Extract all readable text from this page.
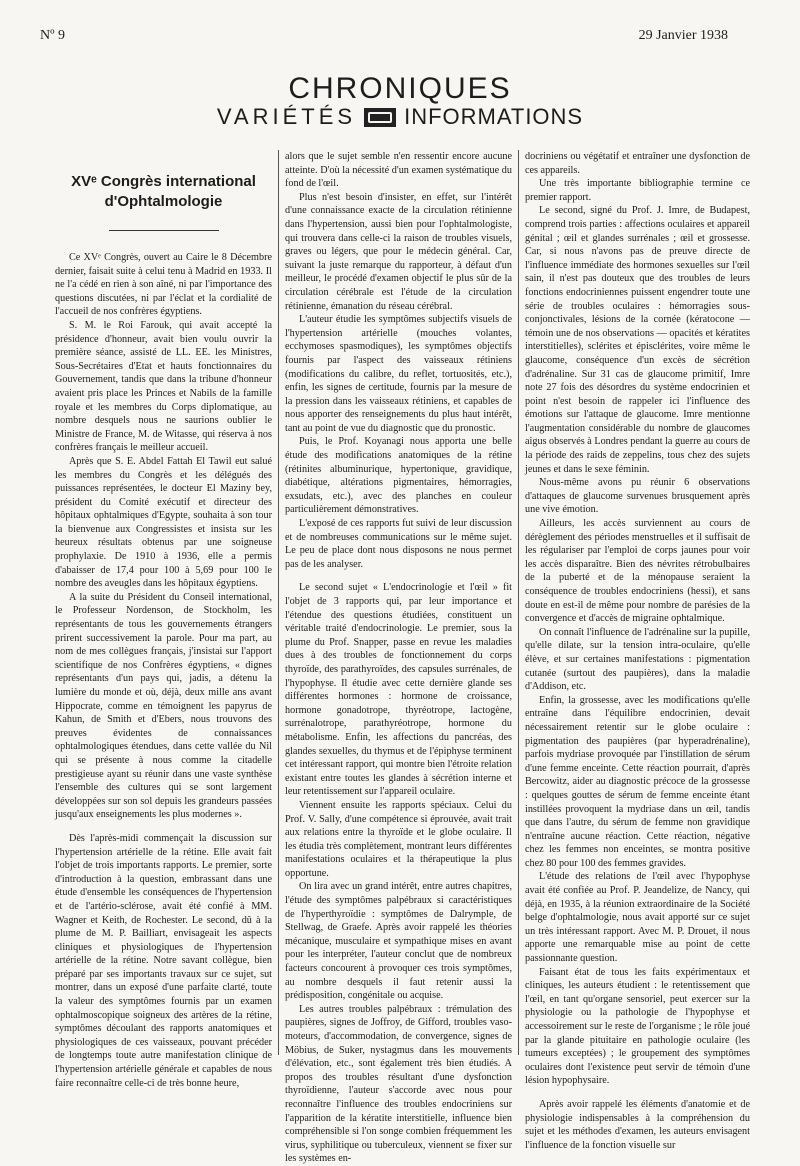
Nº 9	29 Janvier 1938
CHRONIQUES
VARIÉTÉS INFORMATIONS
XVᵉ Congrès international d'Ophtalmologie

Ce XVᵉ Congrès, ouvert au Caire le 8 Décembre dernier, faisait suite à celui tenu à Madrid en 1933. Il ne l'a cédé en rien à son aîné, ni par l'importance des questions discutées, ni par l'éclat et la cordialité de l'accueil de nos confrères égyptiens.

S. M. le Roi Farouk, qui avait accepté la présidence d'honneur, avait bien voulu ouvrir la première séance, assisté de LL. EE. les Ministres, Sous-Secrétaires d'Etat et hauts fonctionnaires du Gouvernement, tandis que dans la tribune d'honneur avaient pris place les Princes et Nabils de la famille royale et les membres du Corps diplomatique, au nombre desquels nous ne saurions oublier le Ministre de France, M. de Witasse, qui réserva à nos confrères français le meilleur accueil.

Après que S. E. Abdel Fattah El Tawil eut salué les membres du Congrès et les délégués des puissances représentées, le docteur El Maziny bey, président du Comité exécutif et directeur des hôpitaux ophtalmiques d'Egypte, souhaita à son tour la bienvenue aux Congressistes et insista sur les heureux résultats obtenus par une soigneuse prophylaxie. De 1910 à 1936, elle a permis d'abaisser de 17,4 pour 100 à 5,69 pour 100 le nombre des aveugles dans les hôpitaux égyptiens.

A la suite du Président du Conseil international, le Professeur Nordenson, de Stockholm, les représentants de tous les gouvernements étrangers prirent successivement la parole. Pour ma part, au nom de mes collègues français, j'insistai sur l'apport scientifique de nos Confrères égyptiens, « dignes représentants d'un pays qui, jadis, a détenu la lumière du monde et où, déjà, deux mille ans avant Hippocrate, comme en témoignent les papyrus de Kahun, de Smith et d'Ebers, nous trouvons des preuves évidentes de connaissances ophtalmologiques étendues, dans cette vallée du Nil qui se présente à nous comme la citadelle prestigieuse ayant su réunir dans une vaste synthèse l'ensemble des cultures qui se sont largement développées sur son sol depuis les grandeurs passées jusqu'aux enseignements les plus modernes ».

Dès l'après-midi commençait la discussion sur l'hypertension artérielle de la rétine. Elle avait fait l'objet de trois importants rapports. Le premier, sorte d'introduction à la question, embrassant dans une étude d'ensemble les conséquences de l'hypertension et de l'artério-sclérose, avait été confié à MM. Wagner et Keith, de Rochester. Le second, dû à la plume de M. P. Bailliart, envisageait les aspects cliniques et physiologiques de l'hypertension artérielle de la rétine. Notre savant collègue, bien préparé par ses importants travaux sur ce sujet, sut montrer, dans un exposé d'une parfaite clarté, toute la valeur des symptômes fournis par un examen ophtalmoscopique soigneux des artères de la rétine, symptômes découlant des rapports anatomiques et physiologiques de ces vaisseaux, pouvant précéder de longtemps toute autre manifestation clinique de l'hypertension artérielle générale et capables de nous faire reconnaître celle-ci de très bonne heure,

alors que le sujet semble n'en ressentir encore aucune atteinte. D'où la nécessité d'un examen systématique du fond de l'œil.

Plus n'est besoin d'insister, en effet, sur l'intérêt d'une connaissance exacte de la circulation rétinienne dans l'hypertension, aussi bien pour l'ophtalmologiste, qui trouvera dans celle-ci la raison de troubles visuels, graves ou légers, que pour le médecin général. Car, suivant la juste remarque du rapporteur, à défaut d'un meilleur, le procédé d'examen objectif le plus sûr de la circulation cérébrale est l'étude de la circulation rétinienne, émanation du réseau cérébral.

L'auteur étudie les symptômes subjectifs visuels de l'hypertension artérielle (mouches volantes, ecchymoses spasmodiques), les symptômes objectifs fournis par l'aspect des vaisseaux rétiniens (modifications du calibre, du reflet, tortuosités, etc.), enfin, les signes de certitude, fournis par la mesure de la pression dans les vaisseaux rétiniens, et capables de nous apporter des renseignements du plus haut intérêt, tant au point de vue du diagnostic que du pronostic.

Puis, le Prof. Koyanagi nous apporta une belle étude des modifications anatomiques de la rétine (rétinites albuminurique, hypertonique, gravidique, diabétique, altérations pigmentaires, hémorragies, exsudats, etc.), avec des planches en couleur particulièrement démonstratives.

L'exposé de ces rapports fut suivi de leur discussion et de nombreuses communications sur le même sujet. Le peu de place dont nous disposons ne nous permet pas de les analyser.

Le second sujet « L'endocrinologie et l'œil » fit l'objet de 3 rapports qui, par leur importance et l'étendue des questions étudiées, constituent un véritable traité d'endocrinologie. Le premier, sous la plume du Prof. Snapper, passe en revue les maladies dues à des troubles de fonctionnement du corps thyroïde, des parathyroïdes, des capsules surrénales, de l'hypophyse. Il étudie avec cette dernière glande ses différentes hormones : hormone de croissance, hormone gonadotrope, thyréotrope, lactogène, surrénalotrope, parathyréotrope, hormone du métabolisme. Enfin, les affections du pancréas, des glandes sexuelles, du thymus et de l'épiphyse terminent cet intéressant rapport, qui montre bien l'étroite relation existant entre toutes les glandes à sécrétion interne et leur retentissement sur l'appareil oculaire.

Viennent ensuite les rapports spéciaux. Celui du Prof. V. Sally, d'une compétence si éprouvée, avait trait aux relations entre la thyroïde et le globe oculaire. Il les étudia très complètement, montrant leurs différentes manifestations oculaires et la thérapeutique la plus opportune.

On lira avec un grand intérêt, entre autres chapitres, l'étude des symptômes palpébraux si caractéristiques de l'hyperthyroïdie : symptômes de Dalrymple, de Stellwag, de Graefe. Après avoir rappelé les théories mécanique, musculaire et sympathique mises en avant pour les interpréter, l'auteur conclut que de nombreux facteurs concourent à provoquer ces trois symptômes, au nombre desquels il faut retenir aussi la prédisposition, congénitale ou acquise.

Les autres troubles palpébraux : trémulation des paupières, signes de Joffroy, de Gifford, troubles vaso-moteurs, d'accommodation, de convergence, signes de Möbius, de Suker, nystagmus dans les mouvements d'élévation, etc., sont également très bien étudiés. A propos des troubles résultant d'une dysfonction thyroïdienne, l'auteur s'accorde avec nous pour reconnaître l'influence des troubles endocriniens sur l'apparition de la kératite interstitielle, influence bien compréhensible si l'on songe combien fréquemment les virus, syphilitique ou tuberculeux, viennent se fixer sur les systèmes en-

docriniens ou végétatif et entraîner une dysfonction de ces appareils.

Une très importante bibliographie termine ce premier rapport.

Le second, signé du Prof. J. Imre, de Budapest, comprend trois parties : affections oculaires et appareil génital ; œil et glandes surrénales ; œil et grossesse. Car, si nous n'avons pas de preuve directe de l'influence immédiate des hormones sexuelles sur l'œil sain, il n'est pas douteux que des troubles de leurs fonctions endocriniennes puissent engendrer toute une série de troubles oculaires : hémorragies sous-conjonctivales, lésions de la cornée (kératocone — témoin une de nos observations — opacités et kératites interstitielles), sclérites et épisclérites, voire même le glaucome, conséquence d'un excès de sécrétion d'adrénaline. Sur 31 cas de glaucome primitif, Imre note 27 fois des désordres du système endocrinien et point n'est besoin de rappeler ici l'influence des émotions sur l'attaque de glaucome. Imre mentionne l'augmentation considérable du nombre de glaucomes aigus observés à Londres pendant la guerre au cours de la période des raids de zeppelins, tous chez des sujets jeunes et dans le sexe féminin.

Nous-même avons pu réunir 6 observations d'attaques de glaucome survenues brusquement après une vive émotion.

Ailleurs, les accès surviennent au cours de dérèglement des périodes menstruelles et il suffisait de les régulariser par l'emploi de corps jaunes pour voir les accès disparaître. Bien des névrites rétrobulbaires de la puberté et de la ménopause seraient la conséquence de troubles endocriniens (hessi), et sans doute en est-il de même pour nombre de parésies de la convergence et d'accès de migraine ophtalmique.

On connaît l'influence de l'adrénaline sur la pupille, qu'elle dilate, sur la tension intra-oculaire, qu'elle élève, et sur certaines manifestations : pigmentation cutanée (surtout des paupières), dans la maladie d'Addison, etc.

Enfin, la grossesse, avec les modifications qu'elle entraîne dans l'équilibre endocrinien, devait nécessairement retentir sur le globe oculaire : pigmentation des paupières (par hyperadrénaline), parfois mydriase provoquée par l'instillation de sérum d'une femme enceinte. Cette réaction pourrait, d'après Bercowitz, aider au diagnostic précoce de la grossesse : quelques gouttes de sérum de femme enceinte étant instillées provoquent la mydriase dans un œil, tandis que dans l'autre, du sérum de femme non gravidique n'entraîne aucune réaction. Cette réaction, négative chez les femmes non enceintes, se montra positive chez 80 pour 100 des femmes gravides.

L'étude des relations de l'œil avec l'hypophyse avait été confiée au Prof. P. Jeandelize, de Nancy, qui déjà, en 1935, à la réunion extraordinaire de la Société belge d'ophtalmologie, nous avait apporté sur ce sujet un très intéressant rapport. Avec M. P. Drouet, il nous apporte une remarquable mise au point de cette passionnante question.

Faisant état de tous les faits expérimentaux et cliniques, les auteurs étudient : le retentissement que l'œil, en tant qu'organe sensoriel, peut exercer sur la physiologie ou la pathologie de l'hypophyse et accessoirement sur le reste de l'organisme ; le rôle joué par la glande pituitaire en pathologie oculaire (les tumeurs exceptées) ; le groupement des symptômes oculaires dont l'existence peut servir de témoin d'une lésion hypophysaire.

Après avoir rappelé les éléments d'anatomie et de physiologie indispensables à la compréhension du sujet et les méthodes d'examen, les auteurs envisagent l'influence de la fonction visuelle sur
